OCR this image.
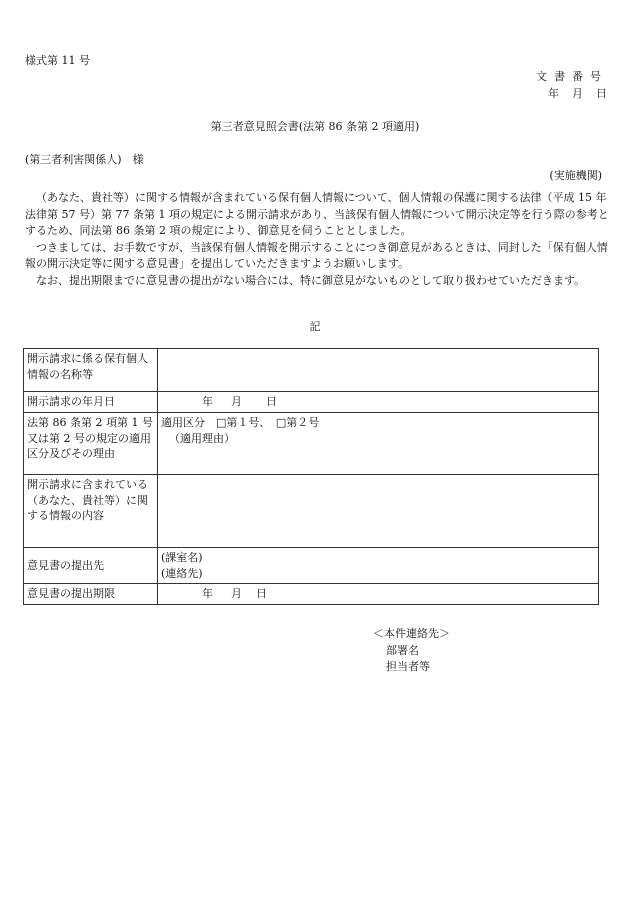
様式第 11 号
文書番号
年　月　日
第三者意見照会書(法第 86 条第 2 項適用)
(第三者利害関係人)　様
(実施機関)

（あなた、貴社等）に関する情報が含まれている保有個人情報について、個人情報の保護に関する法律（平成 15 年法律第 57 号）第 77 条第 1 項の規定による開示請求があり、当該保有個人情報について開示決定等を行う際の参考とするため、同法第 86 条第 2 項の規定により、御意見を伺うこととしました。

つきましては、お手数ですが、当該保有個人情報を開示することにつき御意見があるときは、同封した「保有個人情報の開示決定等に関する意見書」を提出していただきますようお願いします。

なお、提出期限までに意見書の提出がない場合には、特に御意見がないものとして取り扱わせていただきます。

記
開示請求に係る保有個人情報の名称等	
開示請求の年月日	年 月 日
法第 86 条第 2 項第 1 号又は第 2 号の規定の適用区分及びその理由	適用区分　□第１号、　□第２号
（適用理由）

開示請求に含まれている（あなた、貴社等）に関する情報の内容	
意見書の提出先	(課室名)
(連絡先)

意見書の提出期限	年 月 日
＜本件連絡先＞
部署名
担当者等
